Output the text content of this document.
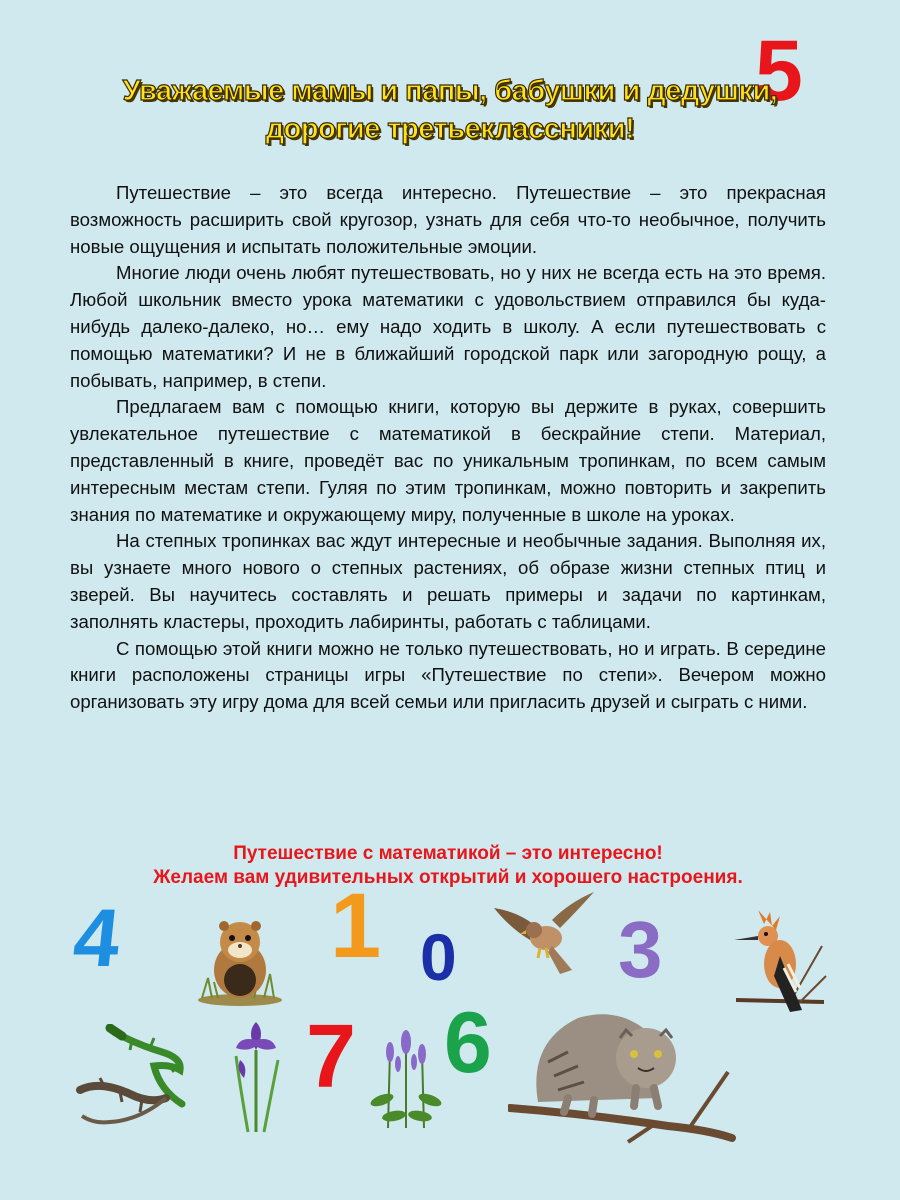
5
Уважаемые мамы и папы, бабушки и дедушки,
дорогие третьеклассники!

Путешествие – это всегда интересно. Путешествие – это прекрасная возможность расширить свой кругозор, узнать для себя что-то необычное, получить новые ощущения и испытать положительные эмоции.

Многие люди очень любят путешествовать, но у них не всегда есть на это время. Любой школьник вместо урока математики с удовольствием отправился бы куда-нибудь далеко-далеко, но… ему надо ходить в школу. А если путешествовать с помощью математики? И не в ближайший городской парк или загородную рощу, а побывать, например, в степи.

Предлагаем вам с помощью книги, которую вы держите в руках, совершить увлекательное путешествие с математикой в бескрайние степи. Материал, представленный в книге, проведёт вас по уникальным тропинкам, по всем самым интересным местам степи. Гуляя по этим тропинкам, можно повторить и закрепить знания по математике и окружающему миру, полученные в школе на уроках.

На степных тропинках вас ждут интересные и необычные задания. Выполняя их, вы узнаете много нового о степных растениях, об образе жизни степных птиц и зверей. Вы научитесь составлять и решать примеры и задачи по картинкам, заполнять кластеры, проходить лабиринты, работать с таблицами.

С помощью этой книги можно не только путешествовать, но и играть. В середине книги расположены страницы игры «Путешествие по степи». Вечером можно организовать эту игру дома для всей семьи или пригласить друзей и сыграть с ними.

Путешествие с математикой – это интересно!
Желаем вам удивительных открытий и хорошего настроения.
4 1 0 3
7 6
